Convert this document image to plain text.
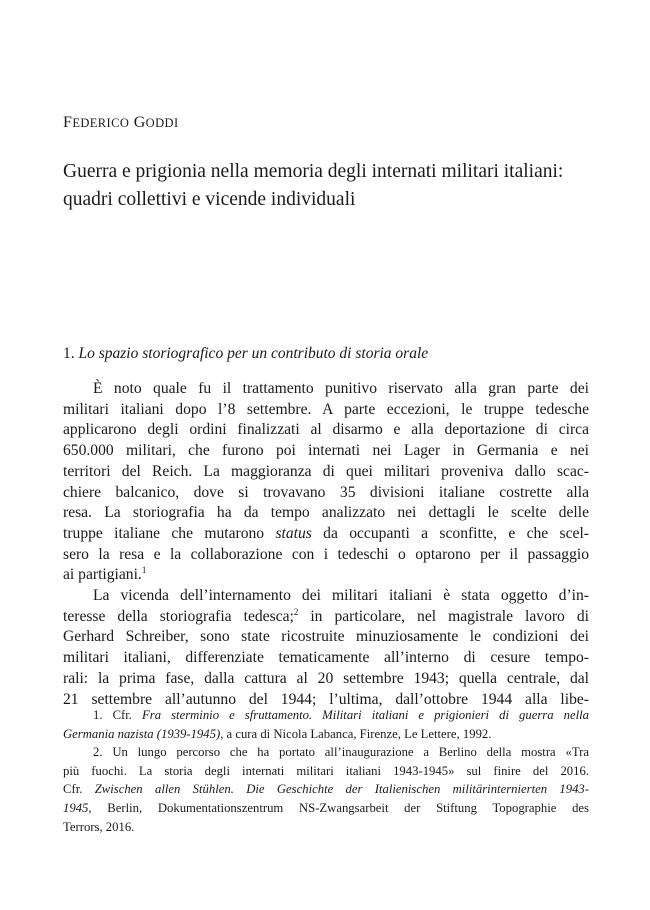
FEDERICO GODDI
Guerra e prigionia nella memoria degli internati militari italiani:
quadri collettivi e vicende individuali
1. Lo spazio storiografico per un contributo di storia orale
È noto quale fu il trattamento punitivo riservato alla gran parte dei
militari italiani dopo l’8 settembre. A parte eccezioni, le truppe tedesche
applicarono degli ordini finalizzati al disarmo e alla deportazione di circa
650.000 militari, che furono poi internati nei Lager in Germania e nei
territori del Reich. La maggioranza di quei militari proveniva dallo scac-
chiere balcanico, dove si trovavano 35 divisioni italiane costrette alla
resa. La storiografia ha da tempo analizzato nei dettagli le scelte delle
truppe italiane che mutarono status da occupanti a sconfitte, e che scel-
sero la resa e la collaborazione con i tedeschi o optarono per il passaggio
ai partigiani.$^1$
La vicenda dell’internamento dei militari italiani è stata oggetto d’in-
teresse della storiografia tedesca;$^2$ in particolare, nel magistrale lavoro di
Gerhard Schreiber, sono state ricostruite minuziosamente le condizioni dei
militari italiani, differenziate tematicamente all’interno di cesure tempo-
rali: la prima fase, dalla cattura al 20 settembre 1943; quella centrale, dal
21 settembre all’autunno del 1944; l’ultima, dall’ottobre 1944 alla libe-
1. Cfr. Fra sterminio e sfruttamento. Militari italiani e prigionieri di guerra nella
Germania nazista (1939-1945), a cura di Nicola Labanca, Firenze, Le Lettere, 1992.
2. Un lungo percorso che ha portato all’inaugurazione a Berlino della mostra «Tra
più fuochi. La storia degli internati militari italiani 1943-1945» sul finire del 2016.
Cfr. Zwischen allen Stühlen. Die Geschichte der Italienischen militärinternierten 1943-
1945, Berlin, Dokumentationszentrum NS-Zwangsarbeit der Stiftung Topographie des
Terrors, 2016.
